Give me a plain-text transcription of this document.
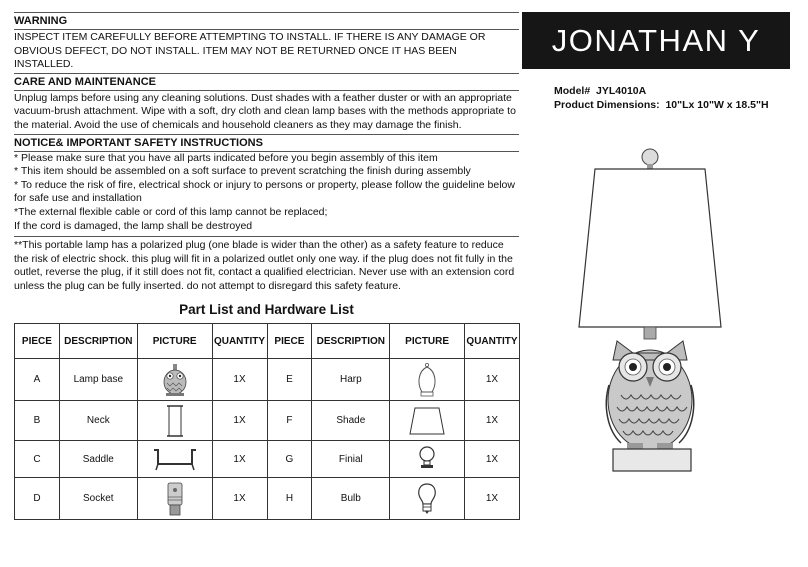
WARNING
INSPECT ITEM CAREFULLY BEFORE ATTEMPTING TO INSTALL. IF THERE IS ANY DAMAGE OR OBVIOUS DEFECT, DO NOT INSTALL. ITEM MAY NOT BE RETURNED ONCE IT HAS BEEN INSTALLED.
CARE AND MAINTENANCE
Unplug lamps before using any cleaning solutions. Dust shades with a feather duster or with an appropriate vacuum-brush attachment. Wipe with a soft, dry cloth and clean lamp bases with the methods appropriate to the material. Avoid the use of chemicals and household cleaners as they may damage the finish.
NOTICE& IMPORTANT SAFETY INSTRUCTIONS
* Please make sure that you have all parts indicated before you begin assembly of this item
* This item should be assembled on a soft surface to prevent scratching the finish during assembly
* To reduce the risk of fire, electrical shock or injury to persons or property, please follow the guideline below for safe use and installation
*The external flexible cable or cord of this lamp cannot be replaced;
If the cord is damaged, the lamp shall be destroyed
**This portable lamp has a polarized plug (one blade is wider than the other) as a safety feature to reduce the risk of electric shock. this plug will fit in a polarized outlet only one way. if the plug does not fit fully in the outlet, reverse the plug, if it still does not fit, contact a qualified electrician. Never use with an extension cord unless the plug can be fully inserted. do not attempt to disregard this safety feature.
Part List and Hardware List
PIECE	DESCRIPTION	PICTURE	QUANTITY	PIECE	DESCRIPTION	PICTURE	QUANTITY
A	Lamp base		1X	E	Harp		1X
B	Neck		1X	F	Shade		1X
C	Saddle		1X	G	Finial		1X
D	Socket		1X	H	Bulb		1X
JONATHAN Y
Model# JYL4010A
Product Dimensions: 10"Lx 10"W x 18.5"H
